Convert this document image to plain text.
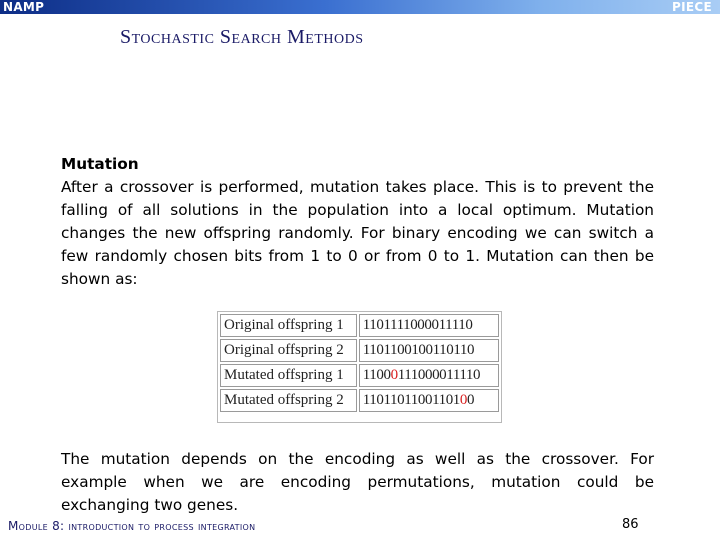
NAMP	PIECE
Stochastic Search Methods
Mutation
After a crossover is performed, mutation takes place. This is to prevent the falling of all solutions in the population into a local optimum. Mutation changes the new offspring randomly. For binary encoding we can switch a few randomly chosen bits from 1 to 0 or from 0 to 1. Mutation can then be shown as:
Original offspring 1	1101111000011110
Original offspring 2	1101100100110110
Mutated offspring 1	11000111000011110
Mutated offspring 2	1101101100110100
The mutation depends on the encoding as well as the crossover. For example when we are encoding permutations, mutation could be exchanging two genes.
Module 8: introduction to process integration	86
